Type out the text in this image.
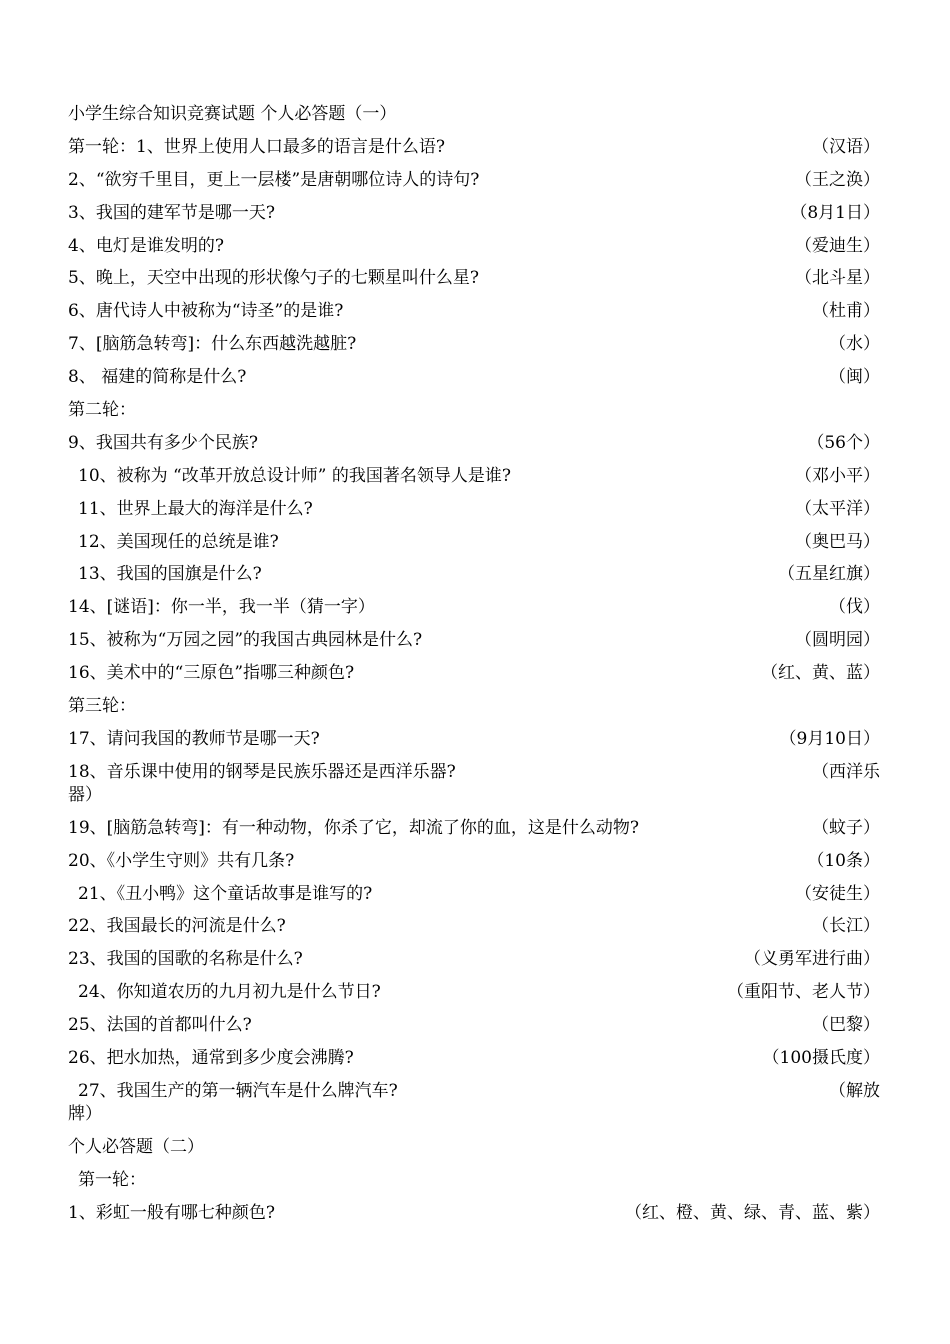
小学生综合知识竞赛试题 个人必答题（一）
第一轮：1、世界上使用人口最多的语言是什么语?	（汉语）
2、“欲穷千里目，更上一层楼”是唐朝哪位诗人的诗句?	（王之涣）
3、我国的建军节是哪一天?	（8月1日）
4、电灯是谁发明的?	（爱迪生）
5、晚上，天空中出现的形状像勺子的七颗星叫什么星?	（北斗星）
6、唐代诗人中被称为“诗圣”的是谁?	（杜甫）
7、[脑筋急转弯]：什么东西越洗越脏?	（水）
8、 福建的简称是什么?	（闽）
第二轮：
9、我国共有多少个民族?	（56个）
10、被称为 “改革开放总设计师” 的我国著名领导人是谁?	（邓小平）
11、世界上最大的海洋是什么?	（太平洋）
12、美国现任的总统是谁?	（奥巴马）
13、我国的国旗是什么?	（五星红旗）
14、[谜语]：你一半，我一半（猜一字）	（伐）
15、被称为“万园之园”的我国古典园林是什么?	（圆明园）
16、美术中的“三原色”指哪三种颜色?	（红、黄、蓝）
第三轮：
17、请问我国的教师节是哪一天?	（9月10日）
18、音乐课中使用的钢琴是民族乐器还是西洋乐器?	（西洋乐
器）
19、[脑筋急转弯]：有一种动物，你杀了它，却流了你的血，这是什么动物?	（蚊子）
20、《小学生守则》共有几条?	（10条）
21、《丑小鸭》这个童话故事是谁写的?	（安徒生）
22、我国最长的河流是什么?	（长江）
23、我国的国歌的名称是什么?	（义勇军进行曲）
24、你知道农历的九月初九是什么节日?	（重阳节、老人节）
25、法国的首都叫什么?	（巴黎）
26、把水加热，通常到多少度会沸腾?	（100摄氏度）
27、我国生产的第一辆汽车是什么牌汽车?	（解放
牌）
个人必答题（二）
第一轮：
1、彩虹一般有哪七种颜色?	（红、橙、黄、绿、青、蓝、紫）
